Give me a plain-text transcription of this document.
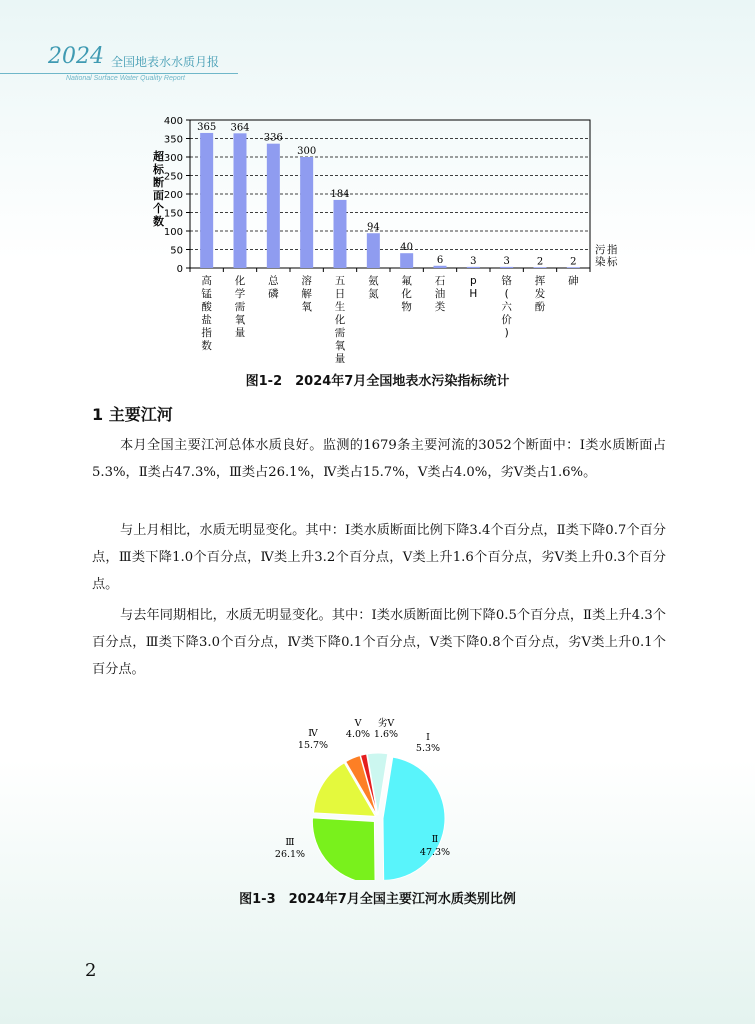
2024 全国地表水水质月报
National Surface Water Quality Report
0
50
100
150
200
250
300
350
400
超标断面个数
污染指标
365
高锰酸盐指数
364
化学需氧量
336
总磷
300
溶解氧
184
五日生化需氧量
94
氨氮
40
氟化物
6
石油类
3
p H
3
铬(六价)
2
挥发酚
2
砷
图1-2　2024年7月全国地表水污染指标统计
1 主要江河

本月全国主要江河总体水质良好。监测的1679条主要河流的3052个断面中：Ⅰ类水质断面占5.3%，Ⅱ类占47.3%，Ⅲ类占26.1%，Ⅳ类占15.7%，Ⅴ类占4.0%，劣Ⅴ类占1.6%。

与上月相比，水质无明显变化。其中：Ⅰ类水质断面比例下降3.4个百分点，Ⅱ类下降0.7个百分点，Ⅲ类下降1.0个百分点，Ⅳ类上升3.2个百分点，Ⅴ类上升1.6个百分点，劣Ⅴ类上升0.3个百分点。

与去年同期相比，水质无明显变化。其中：Ⅰ类水质断面比例下降0.5个百分点，Ⅱ类上升4.3个百分点，Ⅲ类下降3.0个百分点，Ⅳ类下降0.1个百分点，Ⅴ类下降0.8个百分点，劣Ⅴ类上升0.1个百分点。

Ⅰ
5.3%
Ⅱ
47.3%
Ⅲ
26.1%
Ⅳ
15.7%
Ⅴ
4.0%
劣Ⅴ
1.6%
图1-3　2024年7月全国主要江河水质类别比例
2
